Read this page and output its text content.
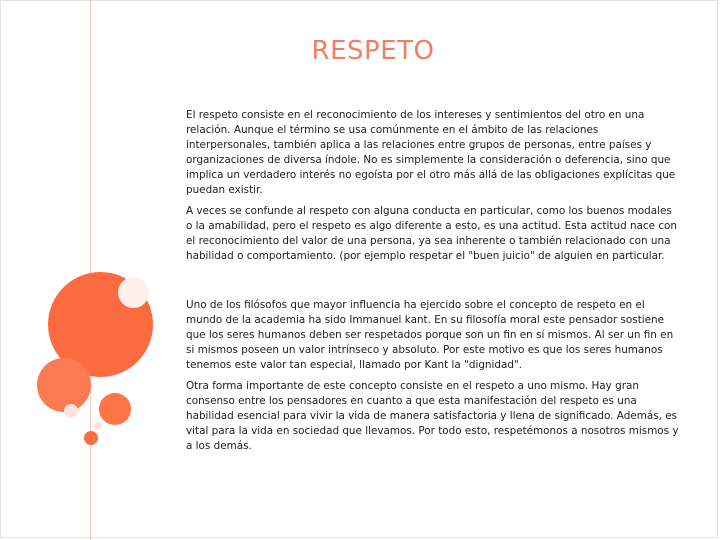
RESPETO

El respeto consiste en el reconocimiento de los intereses y sentimientos del otro en una relación. Aunque el término se usa comúnmente en el ámbito de las relaciones interpersonales, también aplica a las relaciones entre grupos de personas, entre países y organizaciones de diversa índole. No es simplemente la consideración o deferencia, sino que implica un verdadero interés no egoísta por el otro más allá de las obligaciones explícitas que puedan existir.

A veces se confunde al respeto con alguna conducta en particular, como los buenos modales o la amabilidad, pero el respeto es algo diferente a esto, es una actitud. Esta actitud nace con el reconocimiento del valor de una persona, ya sea inherente o también relacionado con una habilidad o comportamiento. (por ejemplo respetar el "buen juicio" de alguien en particular.

Uno de los filósofos que mayor influencia ha ejercido sobre el concepto de respeto en el mundo de la academia ha sido Immanuel kant. En su filosofía moral este pensador sostiene que los seres humanos deben ser respetados porque son un fin en sí mismos. Al ser un fin en si mismos poseen un valor intrínseco y absoluto. Por este motivo es que los seres humanos tenemos este valor tan especial, llamado por Kant la "dignidad".

Otra forma importante de este concepto consiste en el respeto a uno mismo. Hay gran consenso entre los pensadores en cuanto a que esta manifestación del respeto es una habilidad esencial para vivir la vida de manera satisfactoria y llena de significado. Además, es vital para la vida en sociedad que llevamos. Por todo esto, respetémonos a nosotros mismos y a los demás.
